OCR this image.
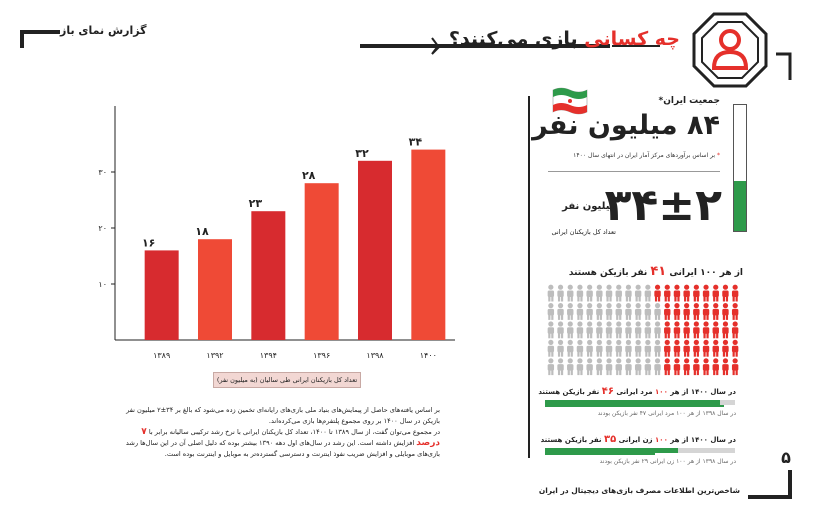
چه کسانی بازی می‌کنند؟
گزارش نمای باز
۱۰
۲۰
۳۰
۱۶
۱۸
۲۳
۲۸
۳۲
۳۴
۱۳۸۹	۱۳۹۲	۱۳۹۴	۱۳۹۶	۱۳۹۸	۱۴۰۰
تعداد کل بازیکنان ایرانی طی سالیان (به میلیون نفر)
بر اساس یافته‌های حاصل از پیمایش‌های بنیاد ملی بازی‌های رایانه‌ای تخمین زده می‌شود که بالغ بر ۳۴±۲ میلیون نفر بازیکن در سال ۱۴۰۰ بر روی مجموع پلتفرم‌ها بازی می‌کرده‌اند.
در مجموع می‌توان گفت، از سال ۱۳۸۹ تا ۱۴۰۰، تعداد کل بازیکنان ایرانی با نرخ رشد ترکیبی سالیانه برابر با ۷ درصد افزایش داشته است. این رشد در سال‌های اول دهه ۱۳۹۰ بیشتر بوده که دلیل اصلی آن در این سال‌ها رشد بازی‌های موبایلی و افزایش ضریب نفوذ اینترنت و دسترسی گسترده‌تر به موبایل و اینترنت بوده است.
جمعیت ایران*
۸۴ میلیون نفر
* بر اساس برآوردهای مرکز آمار ایران در انتهای سال ۱۴۰۰
۳۴±۲
میلیون نفر
تعداد کل بازیکنان ایرانی
از هر ۱۰۰ ایرانی ۴۱ نفر بازیکن هستند
در سال ۱۴۰۰ از هر ۱۰۰ مرد ایرانی ۴۶ نفر بازیکن هستند
در سال ۱۳۹۸ از هر ۱۰۰ مرد ایرانی ۴۷ نفر بازیکن بودند
در سال ۱۴۰۰ از هر ۱۰۰ زن ایرانی ۳۵ نفر بازیکن هستند
در سال ۱۳۹۸ از هر ۱۰۰ زن ایرانی ۲۹ نفر بازیکن بودند	۵
شاخص‌ترین اطلاعات مصرف بازی‌های دیجیتال در ایران
